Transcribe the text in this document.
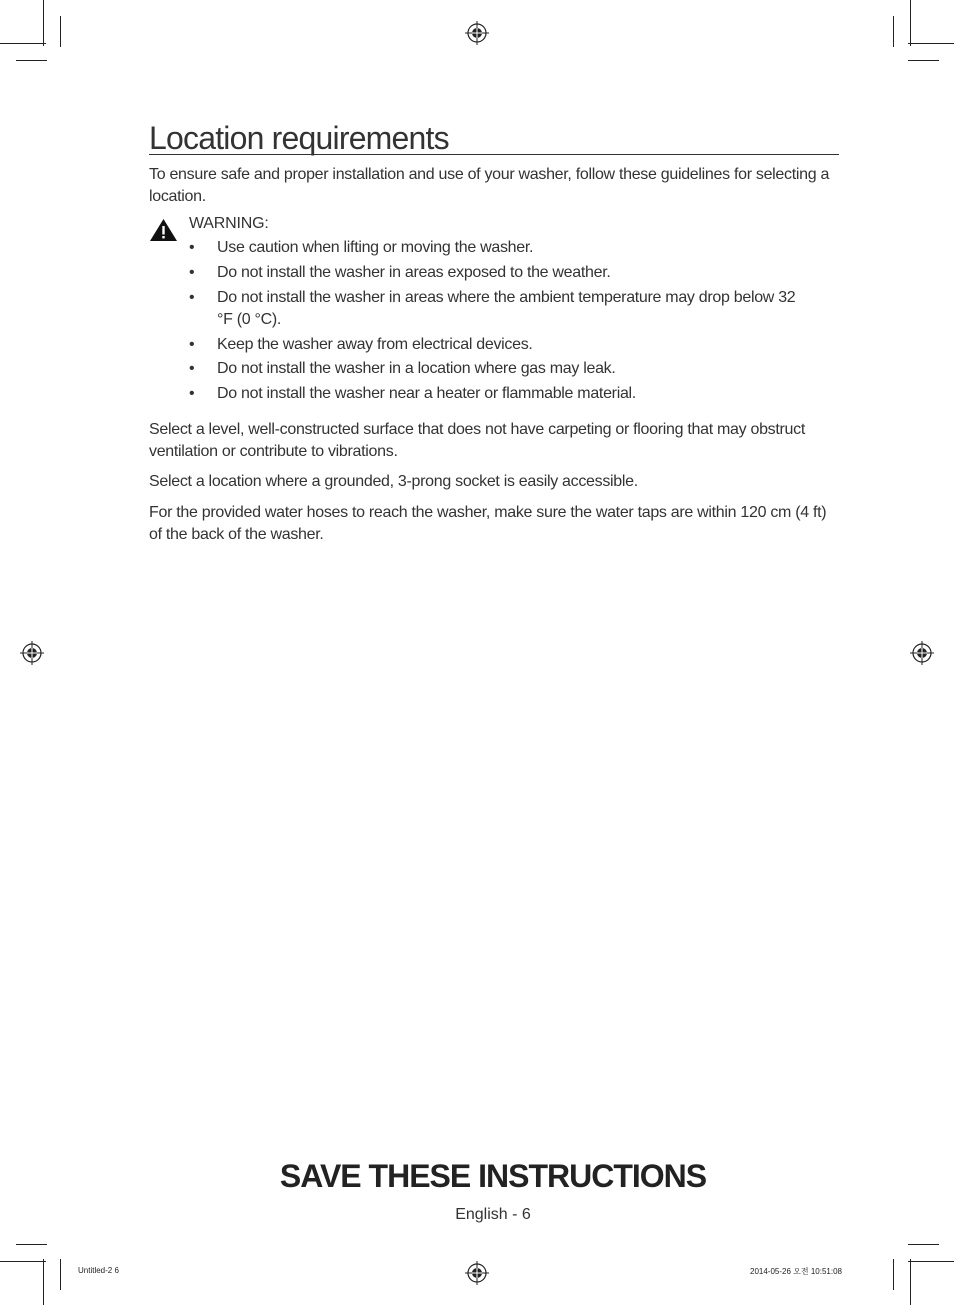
Location requirements
To ensure safe and proper installation and use of your washer, follow these guidelines for selecting a location.
WARNING:
• Use caution when lifting or moving the washer.
• Do not install the washer in areas exposed to the weather.
• Do not install the washer in areas where the ambient temperature may drop below 32 °F (0 °C).
• Keep the washer away from electrical devices.
• Do not install the washer in a location where gas may leak.
• Do not install the washer near a heater or flammable material.
Select a level, well-constructed surface that does not have carpeting or flooring that may obstruct ventilation or contribute to vibrations.
Select a location where a grounded, 3-prong socket is easily accessible.
For the provided water hoses to reach the washer, make sure the water taps are within 120 cm (4 ft) of the back of the washer.
SAVE THESE INSTRUCTIONS
English - 6
Untitled-2 6	2014-05-26 오전 10:51:08
